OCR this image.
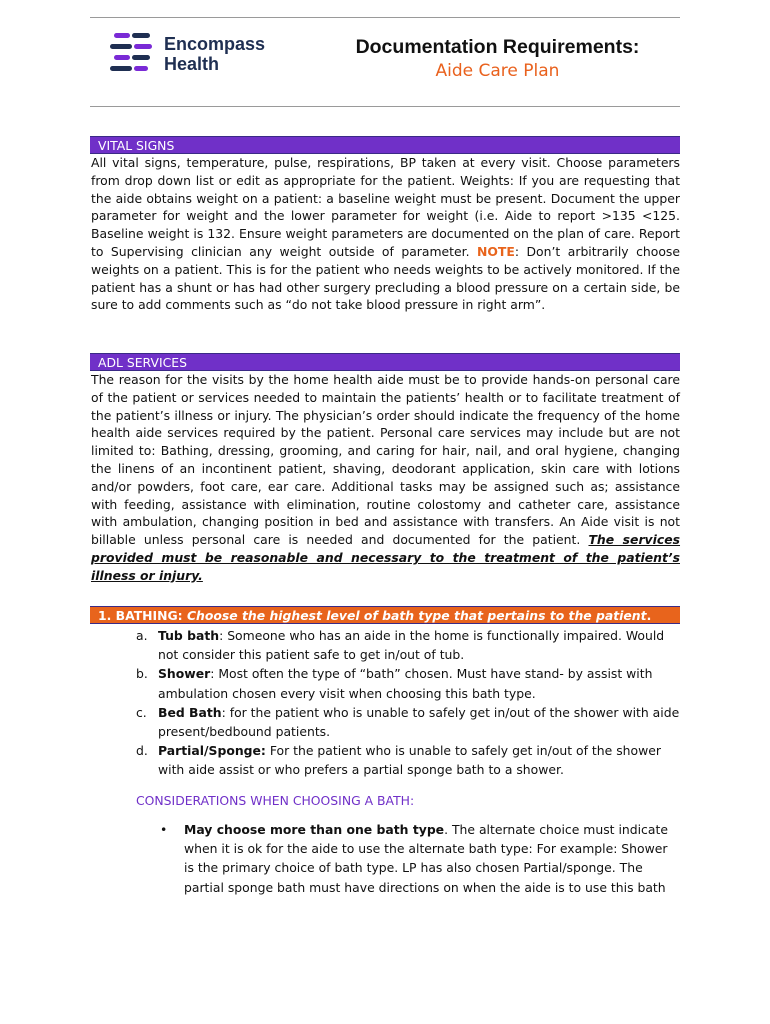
Encompass
Health
Documentation Requirements:
Aide Care Plan
VITAL SIGNS
All vital signs, temperature, pulse, respirations, BP taken at every visit. Choose parameters from drop down list or edit as appropriate for the patient. Weights: If you are requesting that the aide obtains weight on a patient: a baseline weight must be present. Document the upper parameter for weight and the lower parameter for weight (i.e. Aide to report >135 <125. Baseline weight is 132. Ensure weight parameters are documented on the plan of care. Report to Supervising clinician any weight outside of parameter. NOTE: Don’t arbitrarily choose weights on a patient. This is for the patient who needs weights to be actively monitored. If the patient has a shunt or has had other surgery precluding a blood pressure on a certain side, be sure to add comments such as “do not take blood pressure in right arm”.
ADL SERVICES
The reason for the visits by the home health aide must be to provide hands-on personal care of the patient or services needed to maintain the patients’ health or to facilitate treatment of the patient’s illness or injury. The physician’s order should indicate the frequency of the home health aide services required by the patient. Personal care services may include but are not limited to: Bathing, dressing, grooming, and caring for hair, nail, and oral hygiene, changing the linens of an incontinent patient, shaving, deodorant application, skin care with lotions and/or powders, foot care, ear care. Additional tasks may be assigned such as; assistance with feeding, assistance with elimination, routine colostomy and catheter care, assistance with ambulation, changing position in bed and assistance with transfers. An Aide visit is not billable unless personal care is needed and documented for the patient. The services provided must be reasonable and necessary to the treatment of the patient’s illness or injury.
1. BATHING: Choose the highest level of bath type that pertains to the patient.
a. Tub bath: Someone who has an aide in the home is functionally impaired. Would not consider this patient safe to get in/out of tub.
b. Shower: Most often the type of “bath” chosen. Must have stand- by assist with ambulation chosen every visit when choosing this bath type.
c. Bed Bath: for the patient who is unable to safely get in/out of the shower with aide present/bedbound patients.
d. Partial/Sponge: For the patient who is unable to safely get in/out of the shower with aide assist or who prefers a partial sponge bath to a shower.
CONSIDERATIONS WHEN CHOOSING A BATH:
• May choose more than one bath type. The alternate choice must indicate when it is ok for the aide to use the alternate bath type: For example: Shower is the primary choice of bath type. LP has also chosen Partial/sponge. The partial sponge bath must have directions on when the aide is to use this bath
